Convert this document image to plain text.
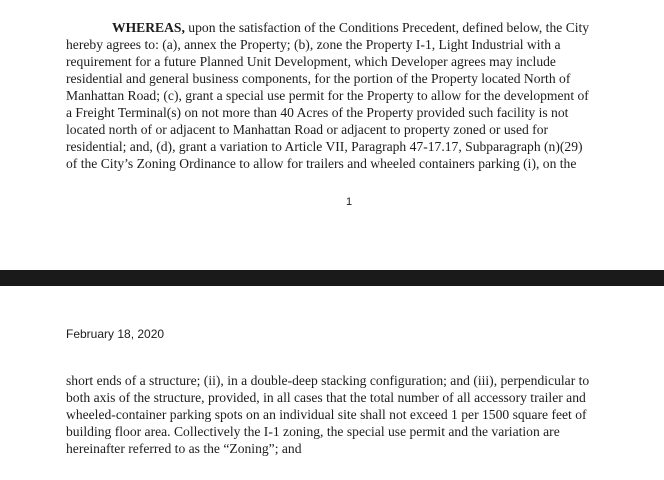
WHEREAS, upon the satisfaction of the Conditions Precedent, defined below, the City
hereby agrees to: (a), annex the Property; (b), zone the Property I-1, Light Industrial with a
requirement for a future Planned Unit Development, which Developer agrees may include
residential and general business components, for the portion of the Property located North of
Manhattan Road; (c), grant a special use permit for the Property to allow for the development of
a Freight Terminal(s) on not more than 40 Acres of the Property provided such facility is not
located north of or adjacent to Manhattan Road or adjacent to property zoned or used for
residential; and, (d), grant a variation to Article VII, Paragraph 47-17.17, Subparagraph (n)(29)
of the City’s Zoning Ordinance to allow for trailers and wheeled containers parking (i), on the

1
February 18, 2020

short ends of a structure; (ii), in a double-deep stacking configuration; and (iii), perpendicular to
both axis of the structure, provided, in all cases that the total number of all accessory trailer and
wheeled-container parking spots on an individual site shall not exceed 1 per 1500 square feet of
building floor area. Collectively the I-1 zoning, the special use permit and the variation are
hereinafter referred to as the “Zoning”; and
